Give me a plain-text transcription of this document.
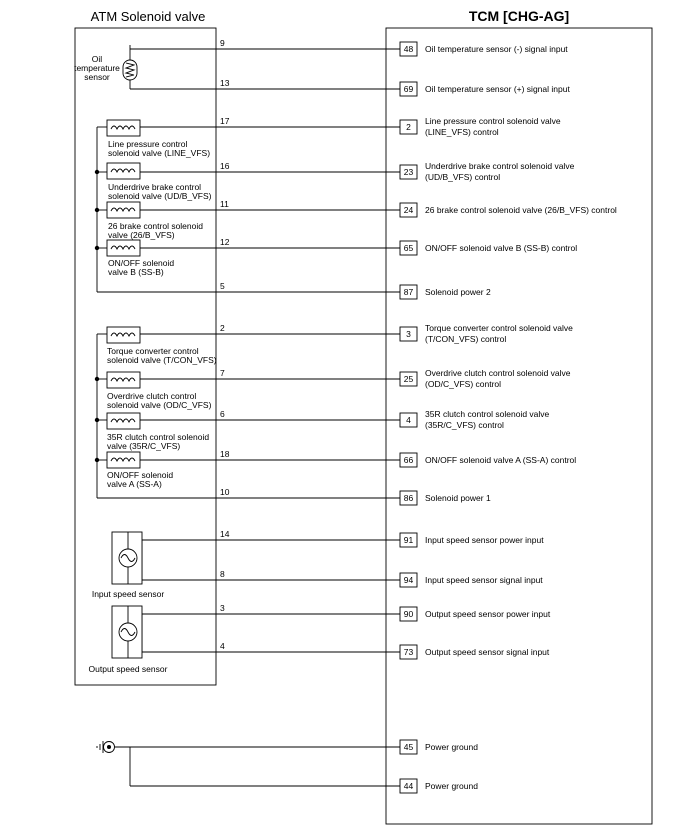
ATM Solenoid valve	TCM [CHG-AG]
Oil
temperature
sensor
Line pressure control
solenoid valve (LINE_VFS)
Underdrive brake control
solenoid valve (UD/B_VFS)
26 brake control solenoid
valve (26/B_VFS)
ON/OFF solenoid
valve B (SS-B)
Torque converter control
solenoid valve (T/CON_VFS)
Overdrive clutch control
solenoid valve (OD/C_VFS)
35R clutch control solenoid
valve (35R/C_VFS)
ON/OFF solenoid
valve A (SS-A)
Input speed sensor
Output speed sensor
9
48 Oil temperature sensor (-) signal input
13
69 Oil temperature sensor (+) signal input
17
2
Line pressure control solenoid valve
(LINE_VFS) control
16
23
Underdrive brake control solenoid valve
(UD/B_VFS) control
11
24 26 brake control solenoid valve (26/B_VFS) control
12
65 ON/OFF solenoid valve B (SS-B) control
5
87 Solenoid power 2
2
3
Torque converter control solenoid valve
(T/CON_VFS) control
7
25
Overdrive clutch control solenoid valve
(OD/C_VFS) control
6
4
35R clutch control solenoid valve
(35R/C_VFS) control
18
66 ON/OFF solenoid valve A (SS-A) control
10
86 Solenoid power 1
14
91 Input speed sensor power input
8
94 Input speed sensor signal input
3
90 Output speed sensor power input
4
73 Output speed sensor signal input
45 Power ground
44 Power ground
